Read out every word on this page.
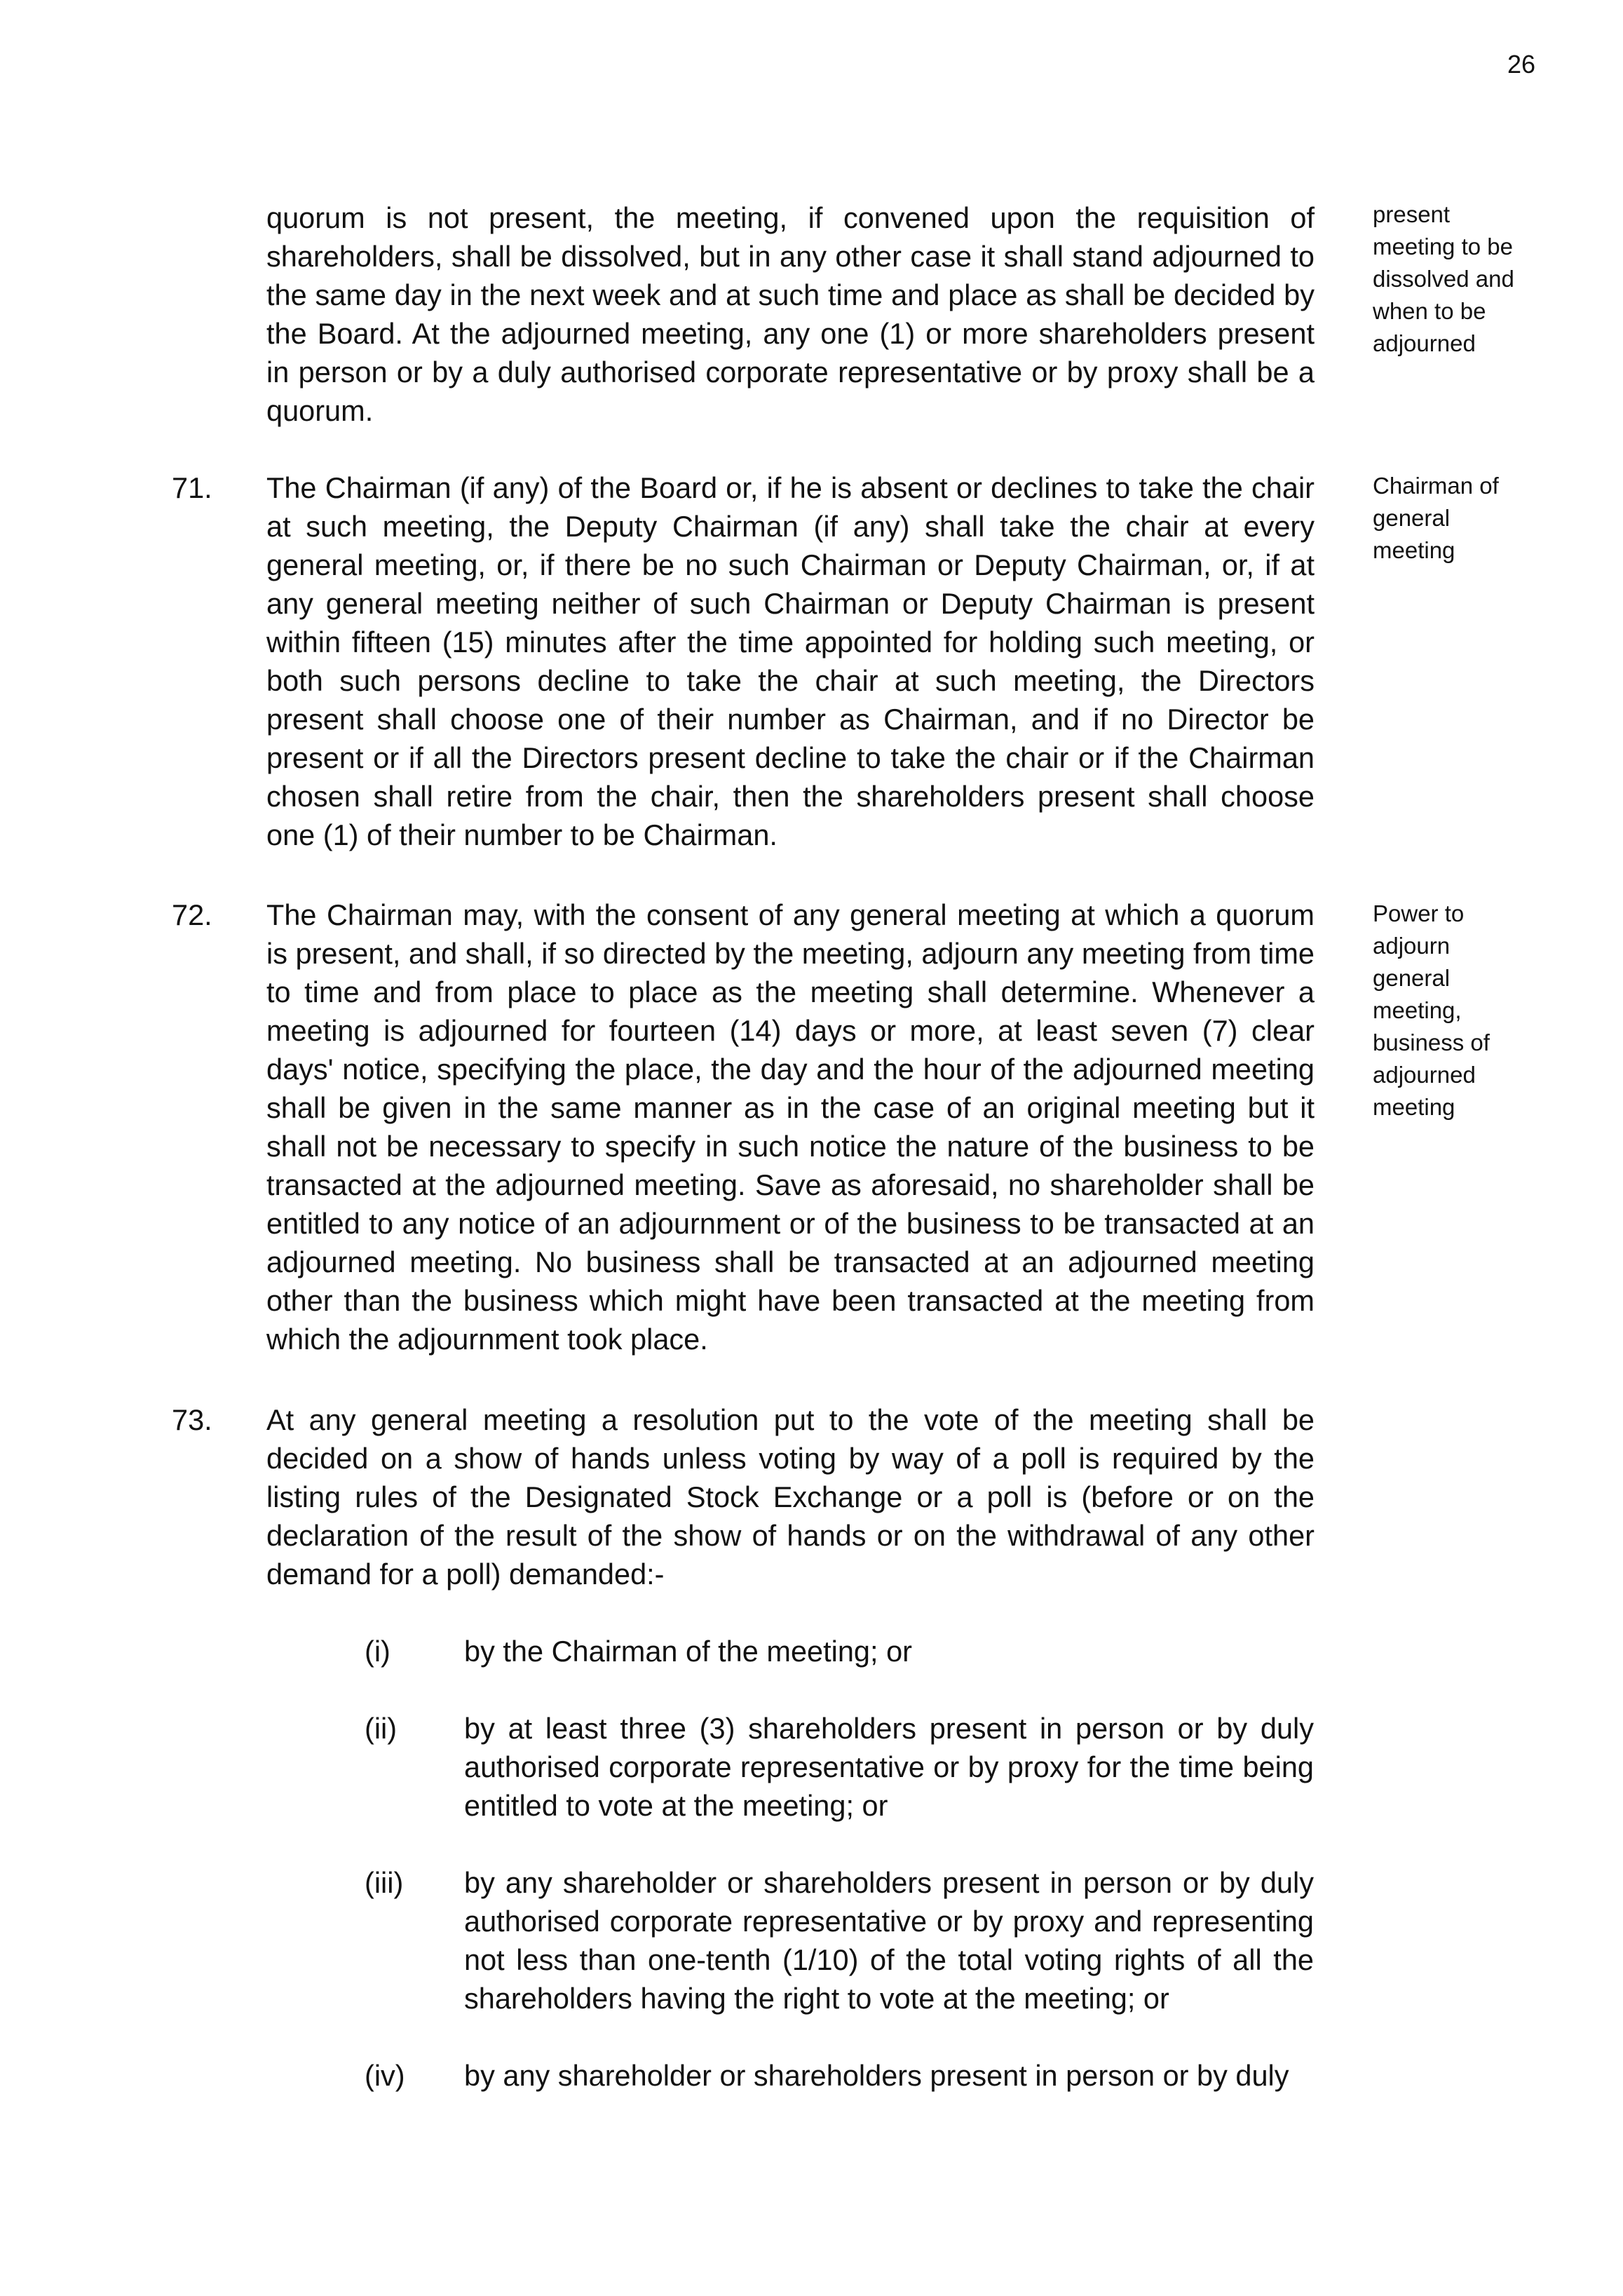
26
quorum is not present, the meeting, if convened upon the requisition of shareholders, shall be dissolved, but in any other case it shall stand adjourned to the same day in the next week and at such time and place as shall be decided by the Board. At the adjourned meeting, any one (1) or more shareholders present in person or by a duly authorised corporate representative or by proxy shall be a quorum.
present meeting to be dissolved and when to be adjourned
71. The Chairman (if any) of the Board or, if he is absent or declines to take the chair at such meeting, the Deputy Chairman (if any) shall take the chair at every general meeting, or, if there be no such Chairman or Deputy Chairman, or, if at any general meeting neither of such Chairman or Deputy Chairman is present within fifteen (15) minutes after the time appointed for holding such meeting, or both such persons decline to take the chair at such meeting, the Directors present shall choose one of their number as Chairman, and if no Director be present or if all the Directors present decline to take the chair or if the Chairman chosen shall retire from the chair, then the shareholders present shall choose one (1) of their number to be Chairman.
Chairman of general meeting
72. The Chairman may, with the consent of any general meeting at which a quorum is present, and shall, if so directed by the meeting, adjourn any meeting from time to time and from place to place as the meeting shall determine. Whenever a meeting is adjourned for fourteen (14) days or more, at least seven (7) clear days' notice, specifying the place, the day and the hour of the adjourned meeting shall be given in the same manner as in the case of an original meeting but it shall not be necessary to specify in such notice the nature of the business to be transacted at the adjourned meeting. Save as aforesaid, no shareholder shall be entitled to any notice of an adjournment or of the business to be transacted at an adjourned meeting. No business shall be transacted at an adjourned meeting other than the business which might have been transacted at the meeting from which the adjournment took place.
Power to adjourn general meeting, business of adjourned meeting
73. At any general meeting a resolution put to the vote of the meeting shall be decided on a show of hands unless voting by way of a poll is required by the listing rules of the Designated Stock Exchange or a poll is (before or on the declaration of the result of the show of hands or on the withdrawal of any other demand for a poll) demanded:-
(i)	by the Chairman of the meeting; or
(ii) by at least three (3) shareholders present in person or by duly authorised corporate representative or by proxy for the time being entitled to vote at the meeting; or
(iii) by any shareholder or shareholders present in person or by duly authorised corporate representative or by proxy and representing not less than one-tenth (1/10) of the total voting rights of all the shareholders having the right to vote at the meeting; or
(iv) by any shareholder or shareholders present in person or by duly
